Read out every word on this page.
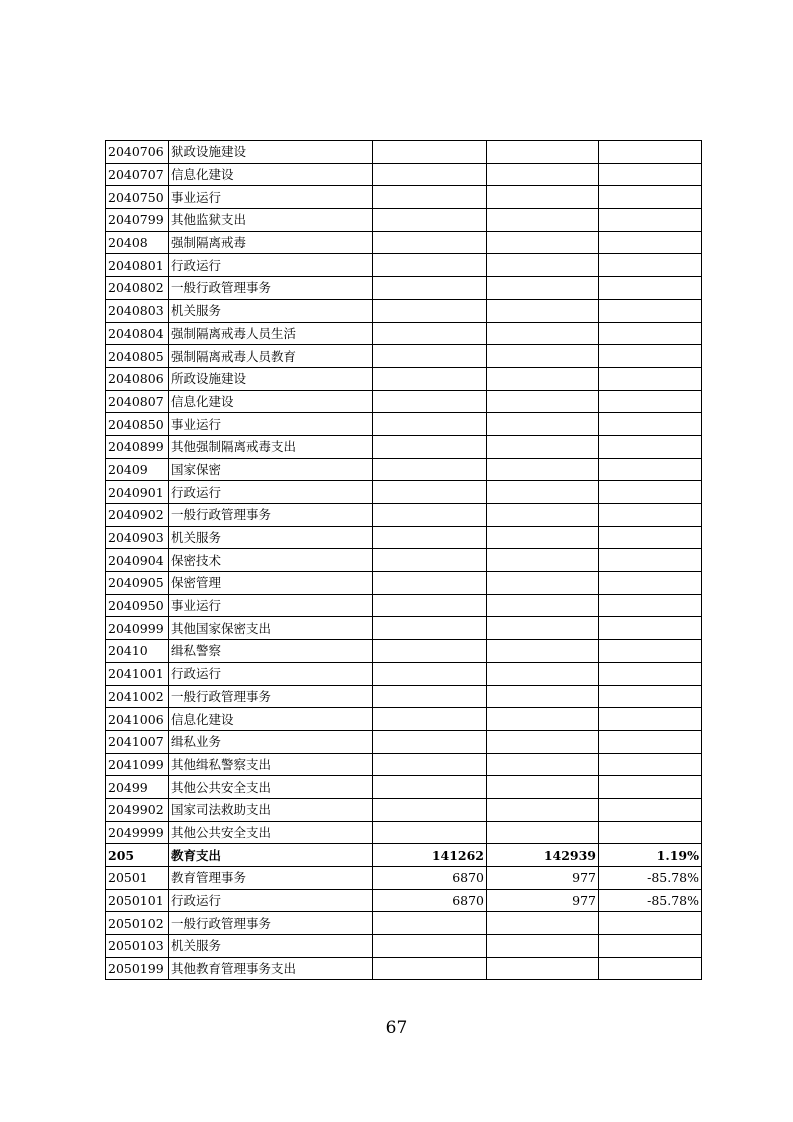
2040706	狱政设施建设			
2040707	信息化建设			
2040750	事业运行			
2040799	其他监狱支出			
20408	强制隔离戒毒			
2040801	行政运行			
2040802	一般行政管理事务			
2040803	机关服务			
2040804	强制隔离戒毒人员生活			
2040805	强制隔离戒毒人员教育			
2040806	所政设施建设			
2040807	信息化建设			
2040850	事业运行			
2040899	其他强制隔离戒毒支出			
20409	国家保密			
2040901	行政运行			
2040902	一般行政管理事务			
2040903	机关服务			
2040904	保密技术			
2040905	保密管理			
2040950	事业运行			
2040999	其他国家保密支出			
20410	缉私警察			
2041001	行政运行			
2041002	一般行政管理事务			
2041006	信息化建设			
2041007	缉私业务			
2041099	其他缉私警察支出			
20499	其他公共安全支出			
2049902	国家司法救助支出			
2049999	其他公共安全支出			
205	教育支出	141262	142939	1.19%
20501	教育管理事务	6870	977	-85.78%
2050101	行政运行	6870	977	-85.78%
2050102	一般行政管理事务			
2050103	机关服务			
2050199	其他教育管理事务支出			
67
